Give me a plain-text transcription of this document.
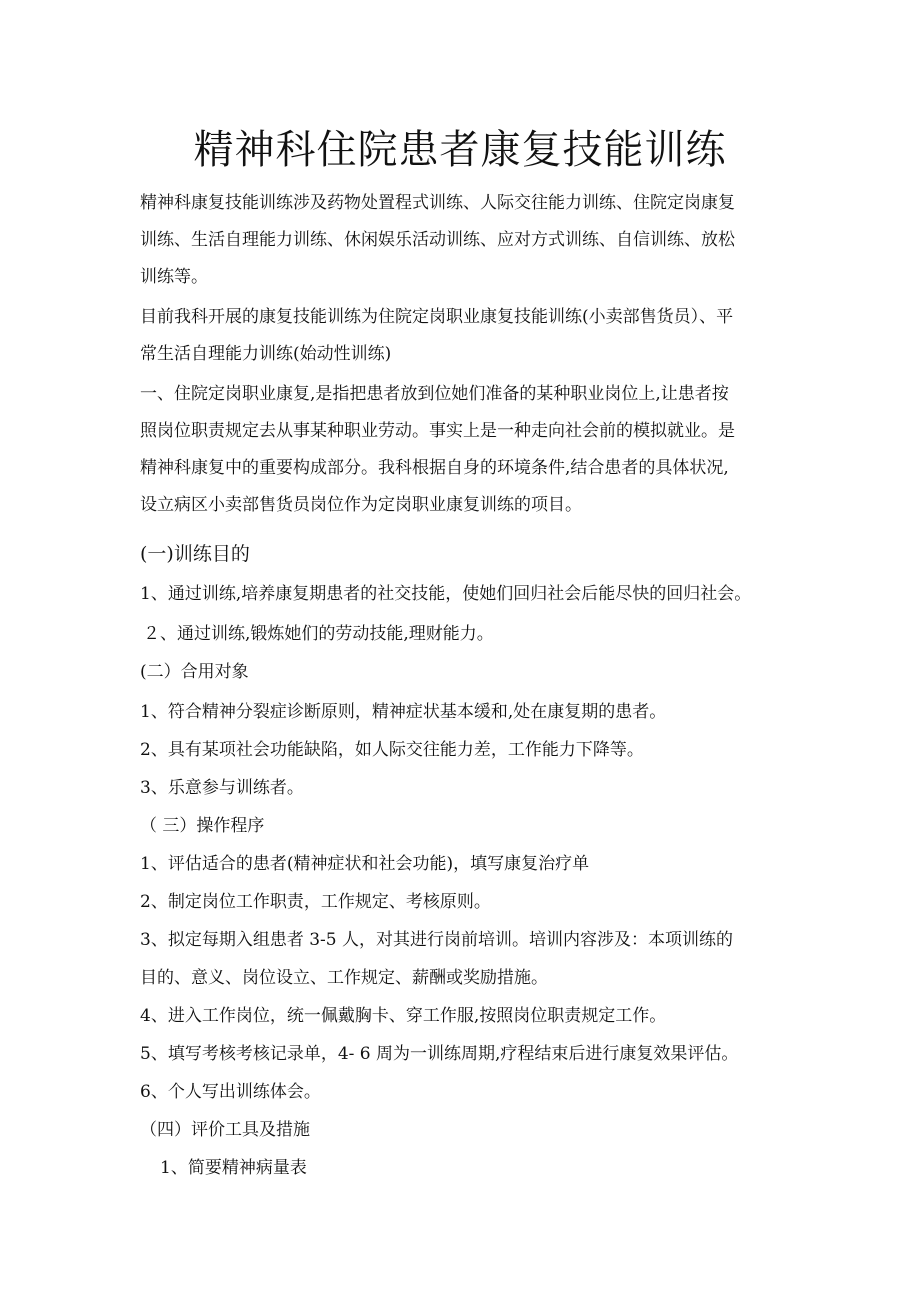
精神科住院患者康复技能训练
精神科康复技能训练涉及药物处置程式训练、人际交往能力训练、住院定岗康复
训练、生活自理能力训练、休闲娱乐活动训练、应对方式训练、自信训练、放松
训练等。
目前我科开展的康复技能训练为住院定岗职业康复技能训练(小卖部售货员）、平
常生活自理能力训练(始动性训练)
一、住院定岗职业康复,是指把患者放到位她们准备的某种职业岗位上,让患者按
照岗位职责规定去从事某种职业劳动。事实上是一种走向社会前的模拟就业。是
精神科康复中的重要构成部分。我科根据自身的环境条件,结合患者的具体状况,
设立病区小卖部售货员岗位作为定岗职业康复训练的项目。
(一)训练目的
1、通过训练,培养康复期患者的社交技能，使她们回归社会后能尽快的回归社会。
２、通过训练,锻炼她们的劳动技能,理财能力。
(二）合用对象
1、符合精神分裂症诊断原则，精神症状基本缓和,处在康复期的患者。
2、具有某项社会功能缺陷，如人际交往能力差，工作能力下降等。
3、乐意参与训练者。
（ 三）操作程序
1、评估适合的患者(精神症状和社会功能)，填写康复治疗单
2、制定岗位工作职责，工作规定、考核原则。
3、拟定每期入组患者 3-5 人，对其进行岗前培训。培训内容涉及：本项训练的
目的、意义、岗位设立、工作规定、薪酬或奖励措施。
4、进入工作岗位，统一佩戴胸卡、穿工作服,按照岗位职责规定工作。
5、填写考核考核记录单，4- 6 周为一训练周期,疗程结束后进行康复效果评估。
6、个人写出训练体会。
（四）评价工具及措施
1、简要精神病量表
